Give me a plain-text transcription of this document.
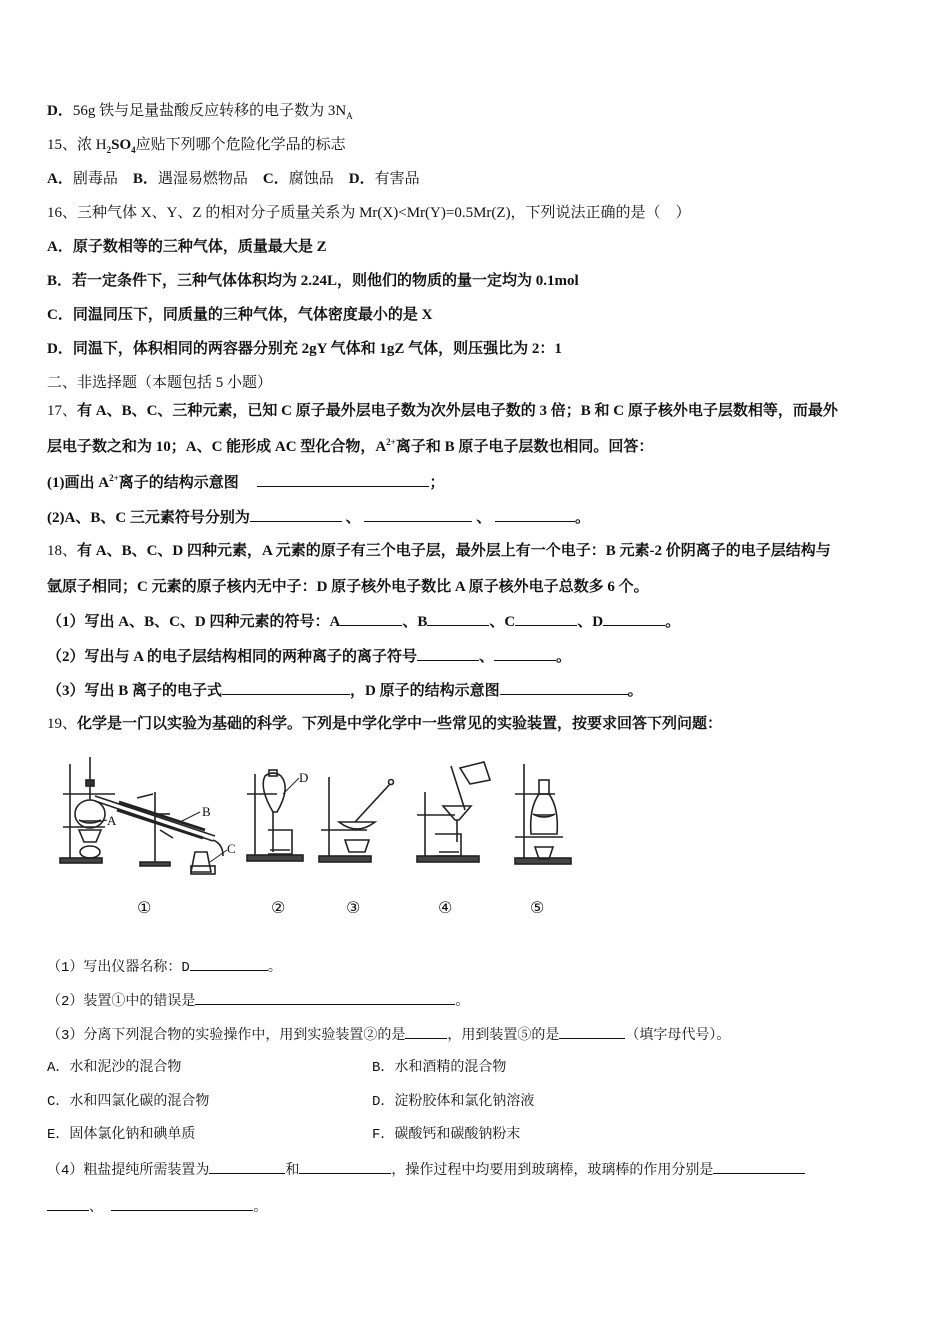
D．56g 铁与足量盐酸反应转移的电子数为 $3N_A$
15、浓 $H_2SO_4$应贴下列哪个危险化学品的标志
A．剧毒品 B．遇湿易燃物品 C．腐蚀品 D．有害品
16、三种气体 X、Y、Z 的相对分子质量关系为 Mr(X)<Mr(Y)=0.5Mr(Z)，下列说法正确的是（　）
A．原子数相等的三种气体，质量最大是 Z
B．若一定条件下，三种气体体积均为 2.24L，则他们的物质的量一定均为 0.1mol
C．同温同压下，同质量的三种气体，气体密度最小的是 X
D．同温下，体积相同的两容器分别充 2gY 气体和 1gZ 气体，则压强比为 2：1
二、非选择题（本题包括 5 小题）
17、有 A、B、C、三种元素，已知 C 原子最外层电子数为次外层电子数的 3 倍；B 和 C 原子核外电子层数相等，而最外
层电子数之和为 10；A、C 能形成 AC 型化合物，$A^{2+}$离子和 B 原子电子层数也相同。回答：
(1)画出 $A^{2+}$离子的结构示意图	；
(2)A、B、C 三元素符号分别为	、	、	。
18、有 A、B、C、D 四种元素，A 元素的原子有三个电子层，最外层上有一个电子：B 元素-2 价阴离子的电子层结构与
氩原子相同；C 元素的原子核内无中子：D 原子核外电子数比 A 原子核外电子总数多 6 个。
（1）写出 A、B、C、D 四种元素的符号：A	、B	、C	、D	。
（2）写出与 A 的电子层结构相同的两种离子的离子符号	、	。
（3）写出 B 离子的电子式	，D 原子的结构示意图	。
19、化学是一门以实验为基础的科学。下列是中学化学中一些常见的实验装置，按要求回答下列问题：
B
A
C
D
①	②	③	④	⑤
（1）写出仪器名称：D	。
（2）装置①中的错误是	。
（3）分离下列混合物的实验操作中，用到实验装置②的是	，用到装置⑤的是	（填字母代号）。
A．水和泥沙的混合物	B．水和酒精的混合物
C．水和四氯化碳的混合物	D．淀粉胶体和氯化钠溶液
E．固体氯化钠和碘单质	F．碳酸钙和碳酸钠粉末
（4）粗盐提纯所需装置为	和	，操作过程中均要用到玻璃棒，玻璃棒的作用分别是
、	。
